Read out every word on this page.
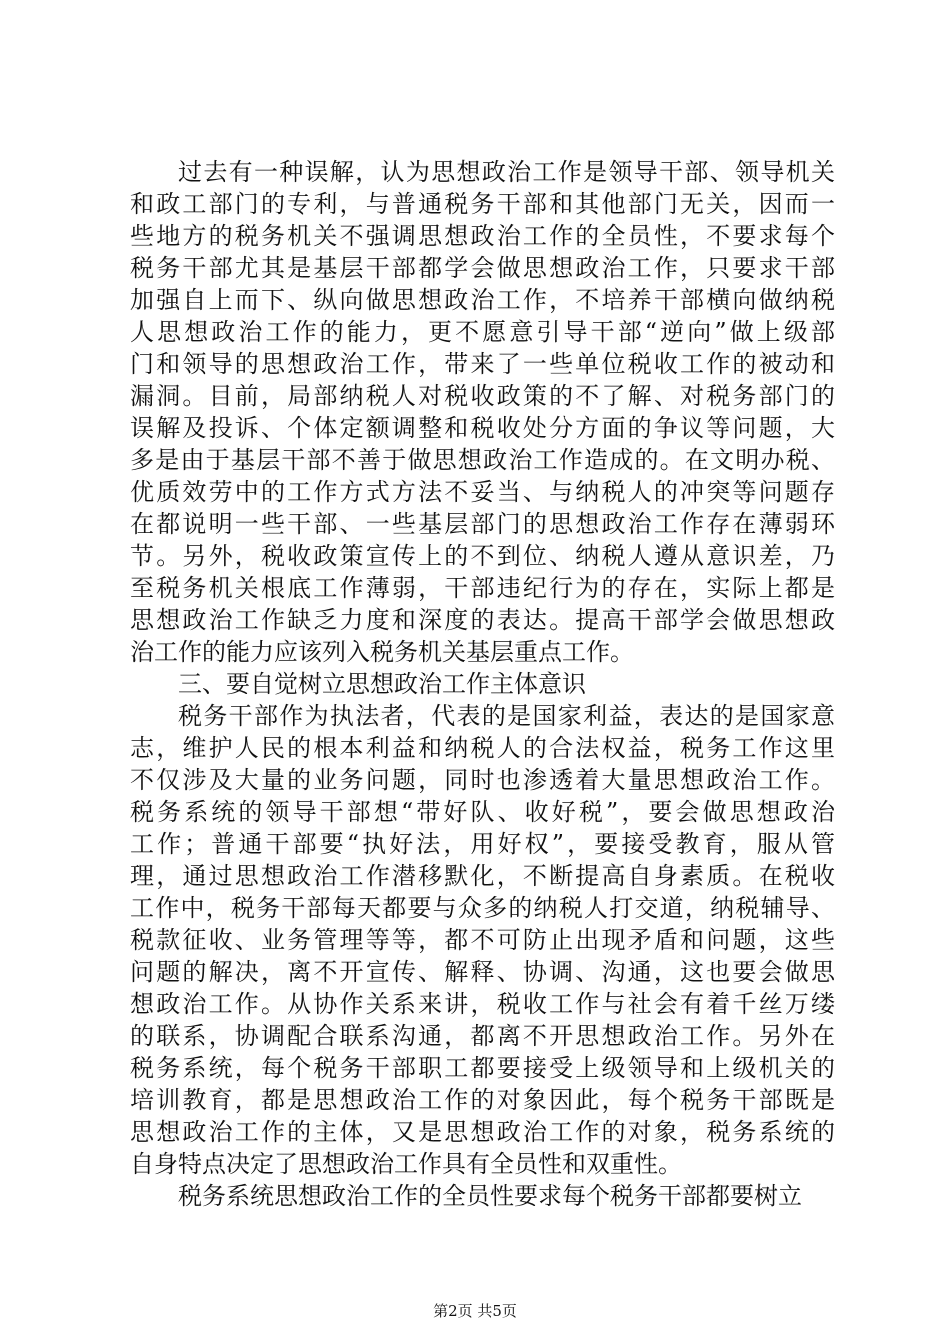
过去有一种误解，认为思想政治工作是领导干部、领导机关
和政工部门的专利，与普通税务干部和其他部门无关，因而一
些地方的税务机关不强调思想政治工作的全员性，不要求每个
税务干部尤其是基层干部都学会做思想政治工作，只要求干部
加强自上而下、纵向做思想政治工作，不培养干部横向做纳税
人思想政治工作的能力，更不愿意引导干部“逆向”做上级部
门和领导的思想政治工作，带来了一些单位税收工作的被动和
漏洞。目前，局部纳税人对税收政策的不了解、对税务部门的
误解及投诉、个体定额调整和税收处分方面的争议等问题，大
多是由于基层干部不善于做思想政治工作造成的。在文明办税、
优质效劳中的工作方式方法不妥当、与纳税人的冲突等问题存
在都说明一些干部、一些基层部门的思想政治工作存在薄弱环
节。另外，税收政策宣传上的不到位、纳税人遵从意识差，乃
至税务机关根底工作薄弱，干部违纪行为的存在，实际上都是
思想政治工作缺乏力度和深度的表达。提高干部学会做思想政
治工作的能力应该列入税务机关基层重点工作。
三、要自觉树立思想政治工作主体意识
税务干部作为执法者，代表的是国家利益，表达的是国家意
志，维护人民的根本利益和纳税人的合法权益，税务工作这里
不仅涉及大量的业务问题，同时也渗透着大量思想政治工作。
税务系统的领导干部想“带好队、收好税”，要会做思想政治
工作；普通干部要“执好法，用好权”，要接受教育，服从管
理，通过思想政治工作潜移默化，不断提高自身素质。在税收
工作中，税务干部每天都要与众多的纳税人打交道，纳税辅导、
税款征收、业务管理等等，都不可防止出现矛盾和问题，这些
问题的解决，离不开宣传、解释、协调、沟通，这也要会做思
想政治工作。从协作关系来讲，税收工作与社会有着千丝万缕
的联系，协调配合联系沟通，都离不开思想政治工作。另外在
税务系统，每个税务干部职工都要接受上级领导和上级机关的
培训教育，都是思想政治工作的对象因此，每个税务干部既是
思想政治工作的主体，又是思想政治工作的对象，税务系统的
自身特点决定了思想政治工作具有全员性和双重性。
税务系统思想政治工作的全员性要求每个税务干部都要树立
第2页 共5页
